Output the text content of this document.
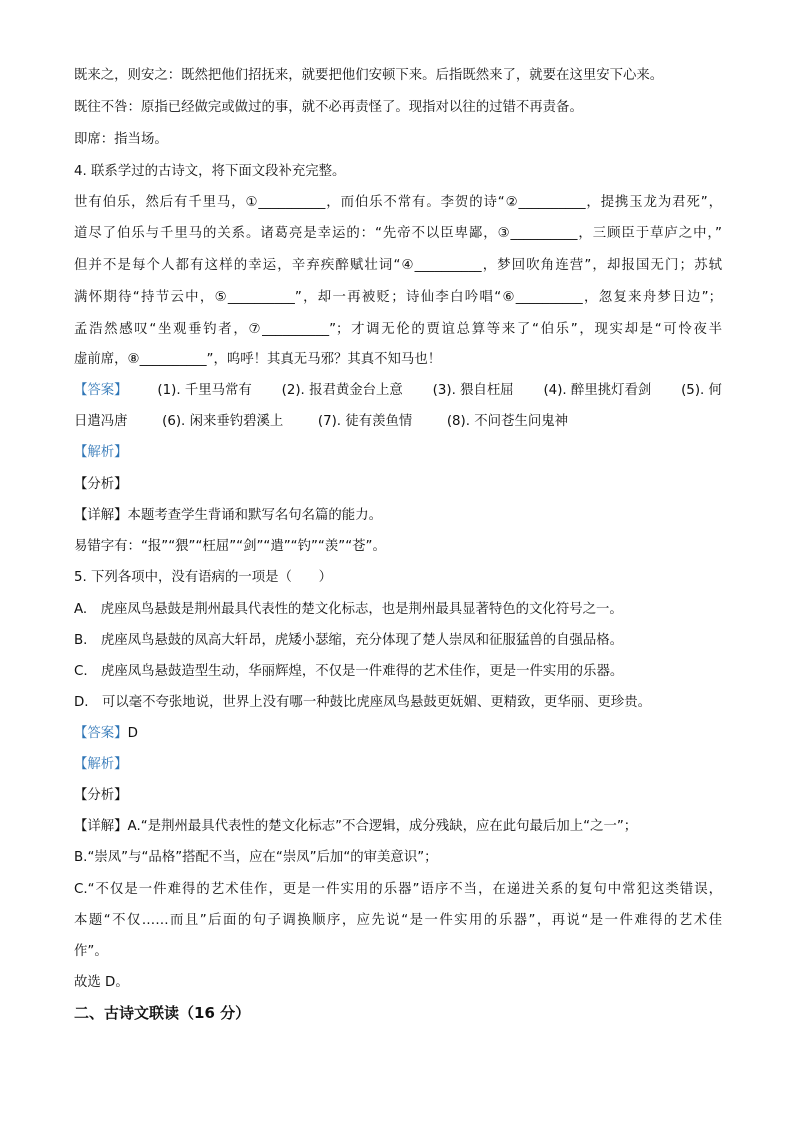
既来之，则安之：既然把他们招抚来，就要把他们安顿下来。后指既然来了，就要在这里安下心来。
既往不咎：原指已经做完或做过的事，就不必再责怪了。现指对以往的过错不再责备。
即席：指当场。
4. 联系学过的古诗文，将下面文段补充完整。
世有伯乐，然后有千里马，①__________，而伯乐不常有。李贺的诗“②__________，提携玉龙为君死”，
道尽了伯乐与千里马的关系。诸葛亮是幸运的：“先帝不以臣卑鄙，③__________，三顾臣于草庐之中，”
但并不是每个人都有这样的幸运，辛弃疾醉赋壮词“④__________，梦回吹角连营”，却报国无门；苏轼
满怀期待“持节云中，⑤__________”，却一再被贬；诗仙李白吟唱“⑥__________，忽复来舟梦日边”；
孟浩然感叹“坐观垂钓者，⑦__________”；才调无伦的贾谊总算等来了“伯乐”，现实却是“可怜夜半
虚前席，⑧__________”，呜呼！其真无马邪？其真不知马也！
【答案】 (1). 千里马常有 (2). 报君黄金台上意 (3). 猥自枉屈 (4). 醉里挑灯看剑 (5). 何
日遣冯唐	(6). 闲来垂钓碧溪上	(7). 徒有羡鱼情	(8). 不问苍生问鬼神
【解析】
【分析】
【详解】本题考查学生背诵和默写名句名篇的能力。
易错字有：“报”“猥”“枉屈”“剑”“遣”“钓”“羡”“苍”。
5. 下列各项中，没有语病的一项是（　　）
A.　虎座凤鸟悬鼓是荆州最具代表性的楚文化标志，也是荆州最具显著特色的文化符号之一。
B.　虎座凤鸟悬鼓的凤高大轩昂，虎矮小瑟缩，充分体现了楚人崇凤和征服猛兽的自强品格。
C.　虎座凤鸟悬鼓造型生动，华丽辉煌，不仅是一件难得的艺术佳作，更是一件实用的乐器。
D.　可以毫不夸张地说，世界上没有哪一种鼓比虎座凤鸟悬鼓更妩媚、更精致，更华丽、更珍贵。
【答案】D
【解析】
【分析】
【详解】A.“是荆州最具代表性的楚文化标志”不合逻辑，成分残缺，应在此句最后加上“之一”；
B.“崇凤”与“品格”搭配不当，应在“崇凤”后加“的审美意识”；
C.“不仅是一件难得的艺术佳作，更是一件实用的乐器”语序不当，在递进关系的复句中常犯这类错误，
本题“不仅……而且”后面的句子调换顺序，应先说“是一件实用的乐器”，再说“是一件难得的艺术佳
作”。
故选 D。
二、古诗文联读（16 分）
